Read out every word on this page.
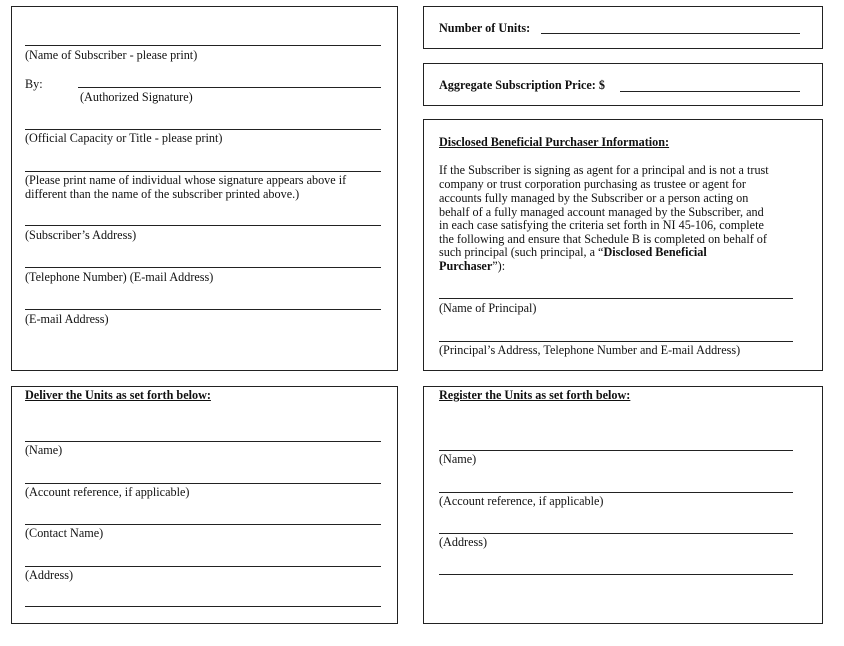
(Name of Subscriber - please print)
By:
(Authorized Signature)
(Official Capacity or Title - please print)
(Please print name of individual whose signature appears above if
different than the name of the subscriber printed above.)
(Subscriber’s Address)
(Telephone Number) (E-mail Address)
(E-mail Address)
Number of Units:
Aggregate Subscription Price: $
Disclosed Beneficial Purchaser Information:
If the Subscriber is signing as agent for a principal and is not a trust
company or trust corporation purchasing as trustee or agent for
accounts fully managed by the Subscriber or a person acting on
behalf of a fully managed account managed by the Subscriber, and
in each case satisfying the criteria set forth in NI 45-106, complete
the following and ensure that Schedule B is completed on behalf of
such principal (such principal, a “Disclosed Beneficial
Purchaser”):
(Name of Principal)
(Principal’s Address, Telephone Number and E-mail Address)
Deliver the Units as set forth below:
(Name)
(Account reference, if applicable)
(Contact Name)
(Address)
Register the Units as set forth below:
(Name)
(Account reference, if applicable)
(Address)
